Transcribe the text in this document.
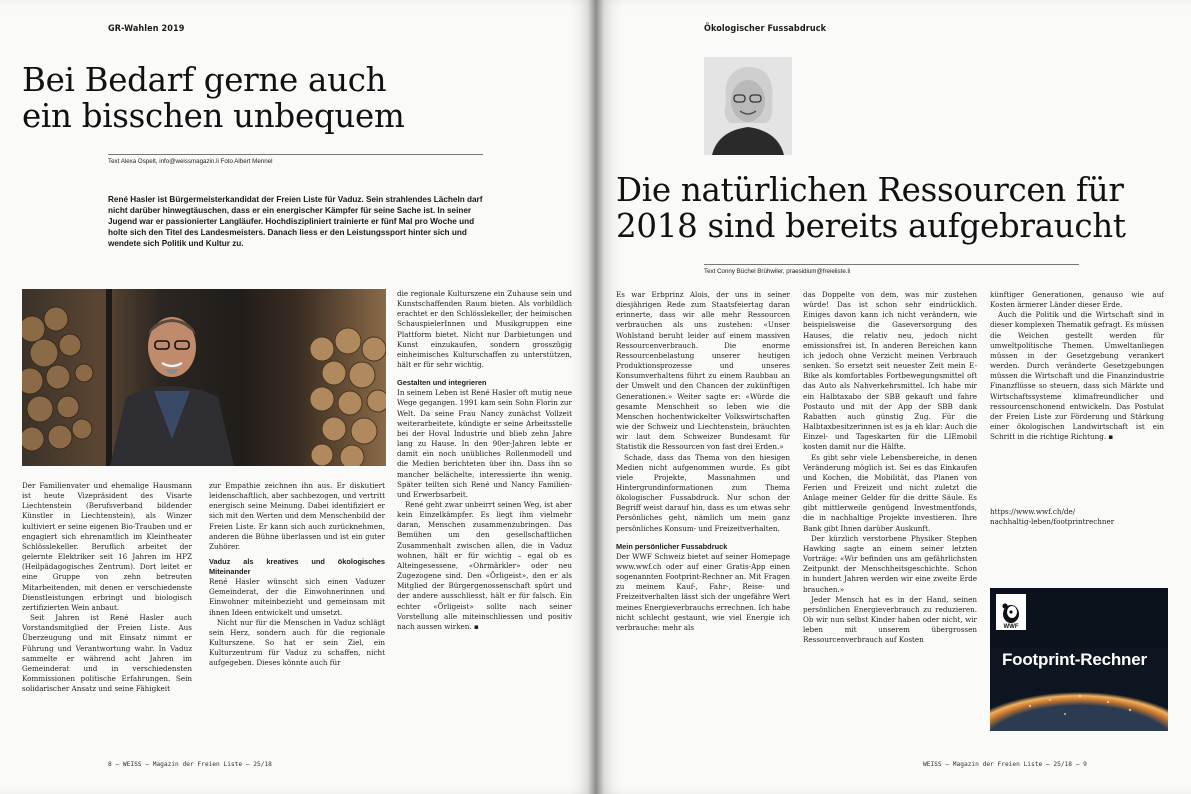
GR-Wahlen 2019
Bei Bedarf gerne auch
ein bisschen unbequem
Text Alexa Ospelt, info@weissmagazin.li Foto Albert Mennel
René Hasler ist Bürgermeisterkandidat der Freien Liste für Vaduz. Sein strahlendes Lächeln darf nicht darüber hinwegtäuschen, dass er ein energischer Kämpfer für seine Sache ist. In seiner Jugend war er passionierter Langläufer. Hochdiszipliniert trainierte er fünf Mal pro Woche und holte sich den Titel des Landesmeisters. Danach liess er den Leistungssport hinter sich und wendete sich Politik und Kultur zu.

Der Familienvater und ehemalige Hausmann ist heute Vizepräsident des Visarte Liechtenstein (Berufsverband bildender Künstler in Liechtenstein), als Winzer kultiviert er seine eigenen Bio-Trauben und er engagiert sich ehrenamtlich im Kleintheater Schlösslekeller. Beruflich arbeitet der gelernte Elektriker seit 16 Jahren im HPZ (Heilpädagogisches Zentrum). Dort leitet er eine Gruppe von zehn betreuten Mitarbeitenden, mit denen er verschiedenste Dienstleistungen erbringt und biologisch zertifizierten Wein anbaut.

Seit Jahren ist René Hasler auch Vorstandsmitglied der Freien Liste. Aus Überzeugung und mit Einsatz nimmt er Führung und Verantwortung wahr. In Vaduz sammelte er während acht Jahren im Gemeinderat und in verschiedensten Kommissionen politische Erfahrungen. Sein solidarischer Ansatz und seine Fähigkeit

zur Empathie zeichnen ihn aus. Er diskutiert leidenschaftlich, aber sachbezogen, und vertritt energisch seine Meinung. Dabei identifiziert er sich mit den Werten und dem Menschenbild der Freien Liste. Er kann sich auch zurücknehmen, anderen die Bühne überlassen und ist ein guter Zuhörer.

Vaduz als kreatives und ökologisches Miteinander

René Hasler wünscht sich einen Vaduzer Gemeinderat, der die Einwohnerinnen und Einwohner miteinbezieht und gemeinsam mit ihnen Ideen entwickelt und umsetzt.

Nicht nur für die Menschen in Vaduz schlägt sein Herz, sondern auch für die regionale Kulturszene. So hat er sein Ziel, ein Kulturzentrum für Vaduz zu schaffen, nicht aufgegeben. Dieses könnte auch für

die regionale Kulturszene ein Zuhause sein und Kunstschaffenden Raum bieten. Als vorbildlich erachtet er den Schlösslekeller, der heimischen SchauspielerInnen und Musikgruppen eine Plattform bietet. Nicht nur Darbietungen und Kunst einzukaufen, sondern grosszügig einheimisches Kulturschaffen zu unterstützen, hält er für sehr wichtig.

Gestalten und integrieren

In seinem Leben ist René Hasler oft mutig neue Wege gegangen. 1991 kam sein Sohn Florin zur Welt. Da seine Frau Nancy zunächst Vollzeit weiterarbeitete, kündigte er seine Arbeitsstelle bei der Hoval Industrie und blieb zehn Jahre lang zu Hause. In den 90er-Jahren lebte er damit ein noch unübliches Rollenmodell und die Medien berichteten über ihn. Dass ihn so mancher belächelte, interessierte ihn wenig. Später teilten sich René und Nancy Familien- und Erwerbsarbeit.

René geht zwar unbeirrt seinen Weg, ist aber kein Einzelkämpfer. Es liegt ihm vielmehr daran, Menschen zusammenzubringen. Das Bemühen um den gesellschaftlichen Zusammenhalt zwischen allen, die in Vaduz wohnen, hält er für wichtig – egal ob es Alteingesessene, «Ohrmärkler» oder neu Zugezogene sind. Den «Örligeist», den er als Mitglied der Bürgergenossenschaft spürt und der andere ausschliesst, hält er für falsch. Ein echter «Örligeist» sollte nach seiner Vorstellung alle miteinschliessen und positiv nach aussen wirken. ▪

8 – WEISS – Magazin der Freien Liste – 25/18
Ökologischer Fussabdruck
Die natürlichen Ressourcen für
2018 sind bereits aufgebraucht
Text Conny Büchel Brühwiler, praesidium@freieliste.li

Es war Erbprinz Alois, der uns in seiner diesjährigen Rede zum Staatsfeiertag daran erinnerte, dass wir alle mehr Ressourcen verbrauchen als uns zustehen: «Unser Wohlstand beruht leider auf einem massiven Ressourcenverbrauch. Die enorme Ressourcenbelastung unserer heutigen Produktionsprozesse und unseres Konsumverhaltens führt zu einem Raubbau an der Umwelt und den Chancen der zukünftigen Generationen.» Weiter sagte er: «Würde die gesamte Menschheit so leben wie die Menschen hochentwickelter Volkswirtschaften wie der Schweiz und Liechtenstein, bräuchten wir laut dem Schweizer Bundesamt für Statistik die Ressourcen von fast drei Erden.»

Schade, dass das Thema von den hiesigen Medien nicht aufgenommen wurde. Es gibt viele Projekte, Massnahmen und Hintergrundinformationen zum Thema ökologischer Fussabdruck. Nur schon der Begriff weist darauf hin, dass es um etwas sehr Persönliches geht, nämlich um mein ganz persönliches Konsum- und Freizeitverhalten.

Mein persönlicher Fussabdruck

Der WWF Schweiz bietet auf seiner Homepage www.wwf.ch oder auf einer Gratis-App einen sogenannten Footprint-Rechner an. Mit Fragen zu meinem Kauf-, Fahr-, Reise- und Freizeitverhalten lässt sich der ungefähre Wert meines Energieverbrauchs errechnen. Ich habe nicht schlecht gestaunt, wie viel Energie ich verbrauche: mehr als

das Doppelte von dem, was mir zustehen würde! Das ist schon sehr eindrücklich. Einiges davon kann ich nicht verändern, wie beispielsweise die Gaseversorgung des Hauses, die relativ neu, jedoch nicht emissionsfrei ist. In anderen Bereichen kann ich jedoch ohne Verzicht meinen Verbrauch senken. So ersetzt seit neuester Zeit mein E-Bike als komfortables Fortbewegungsmittel oft das Auto als Nahverkehrsmittel. Ich habe mir ein Halbtaxabo der SBB gekauft und fahre Postauto und mit der App der SBB dank Rabatten auch günstig Zug. Für die Halbtaxbesitzerinnen ist es ja eh klar: Auch die Einzel- und Tageskarten für die LIEmobil kosten damit nur die Hälfte.

Es gibt sehr viele Lebensbereiche, in denen Veränderung möglich ist. Sei es das Einkaufen und Kochen, die Mobilität, das Planen von Ferien und Freizeit und nicht zuletzt die Anlage meiner Gelder für die dritte Säule. Es gibt mittlerweile genügend Investmentfonds, die in nachhaltige Projekte investieren. Ihre Bank gibt Ihnen darüber Auskunft.

Der kürzlich verstorbene Physiker Stephen Hawking sagte an einem seiner letzten Vorträge: «Wir befinden uns am gefährlichsten Zeitpunkt der Menschheitsgeschichte. Schon in hundert Jahren werden wir eine zweite Erde brauchen.»

Jeder Mensch hat es in der Hand, seinen persönlichen Energieverbrauch zu reduzieren. Ob wir nun selbst Kinder haben oder nicht, wir leben mit unserem übergrossen Ressourcenverbrauch auf Kosten

künftiger Generationen, genauso wie auf Kosten ärmerer Länder dieser Erde.

Auch die Politik und die Wirtschaft sind in dieser komplexen Thematik gefragt. Es müssen die Weichen gestellt werden für umweltpolitische Themen. Umweltanliegen müssen in der Gesetzgebung verankert werden. Durch veränderte Gesetzgebungen müssen die Wirtschaft und die Finanzindustrie Finanzflüsse so steuern, dass sich Märkte und Wirtschaftssysteme klimafreundlicher und ressourcenschonend entwickeln. Das Postulat der Freien Liste zur Förderung und Stärkung einer ökologischen Landwirtschaft ist ein Schritt in die richtige Richtung. ▪

https://www.wwf.ch/de/
nachhaltig-leben/footprintrechner
WWF
Footprint-Rechner
WEISS – Magazin der Freien Liste – 25/18 – 9
